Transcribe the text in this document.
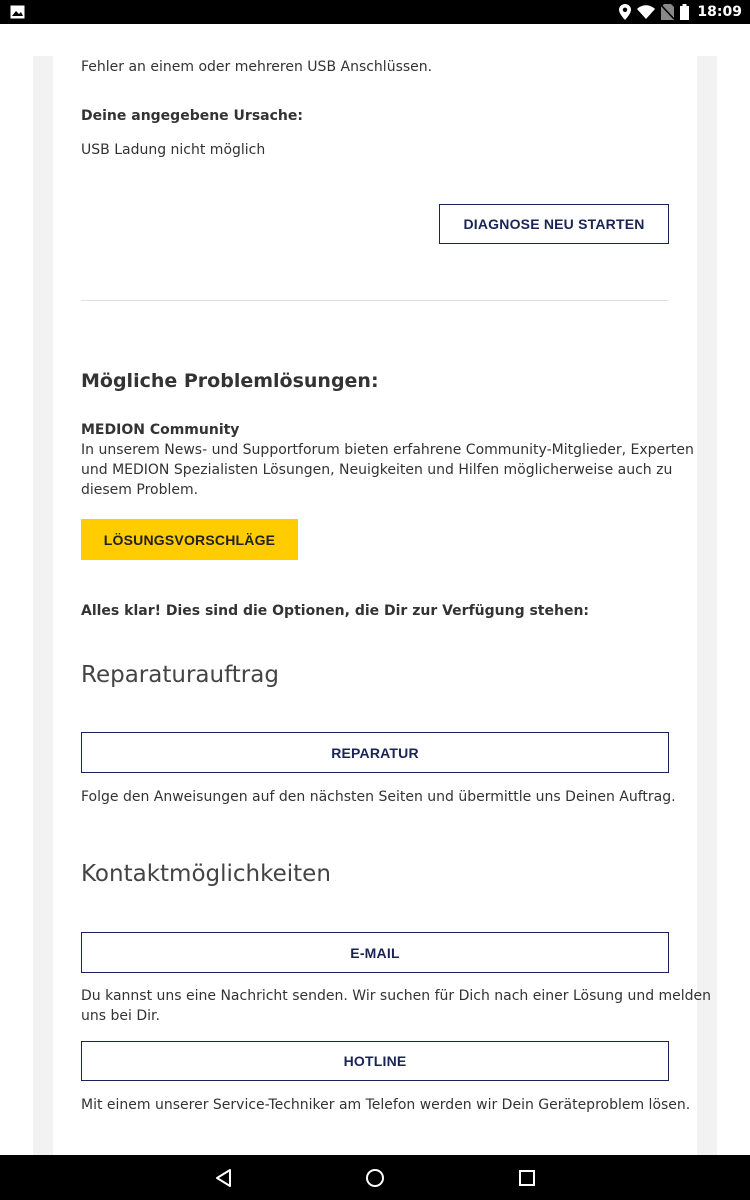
18:09
Fehler an einem oder mehreren USB Anschlüssen.
Deine angegebene Ursache:
USB Ladung nicht möglich
DIAGNOSE NEU STARTEN
Mögliche Problemlösungen:
MEDION Community
In unserem News- und Supportforum bieten erfahrene Community-Mitglieder, Experten
und MEDION Spezialisten Lösungen, Neuigkeiten und Hilfen möglicherweise auch zu
diesem Problem.
LÖSUNGSVORSCHLÄGE
Alles klar! Dies sind die Optionen, die Dir zur Verfügung stehen:
Reparaturauftrag
REPARATUR
Folge den Anweisungen auf den nächsten Seiten und übermittle uns Deinen Auftrag.
Kontaktmöglichkeiten
E-MAIL
Du kannst uns eine Nachricht senden. Wir suchen für Dich nach einer Lösung und melden
uns bei Dir.
HOTLINE
Mit einem unserer Service-Techniker am Telefon werden wir Dein Geräteproblem lösen.
